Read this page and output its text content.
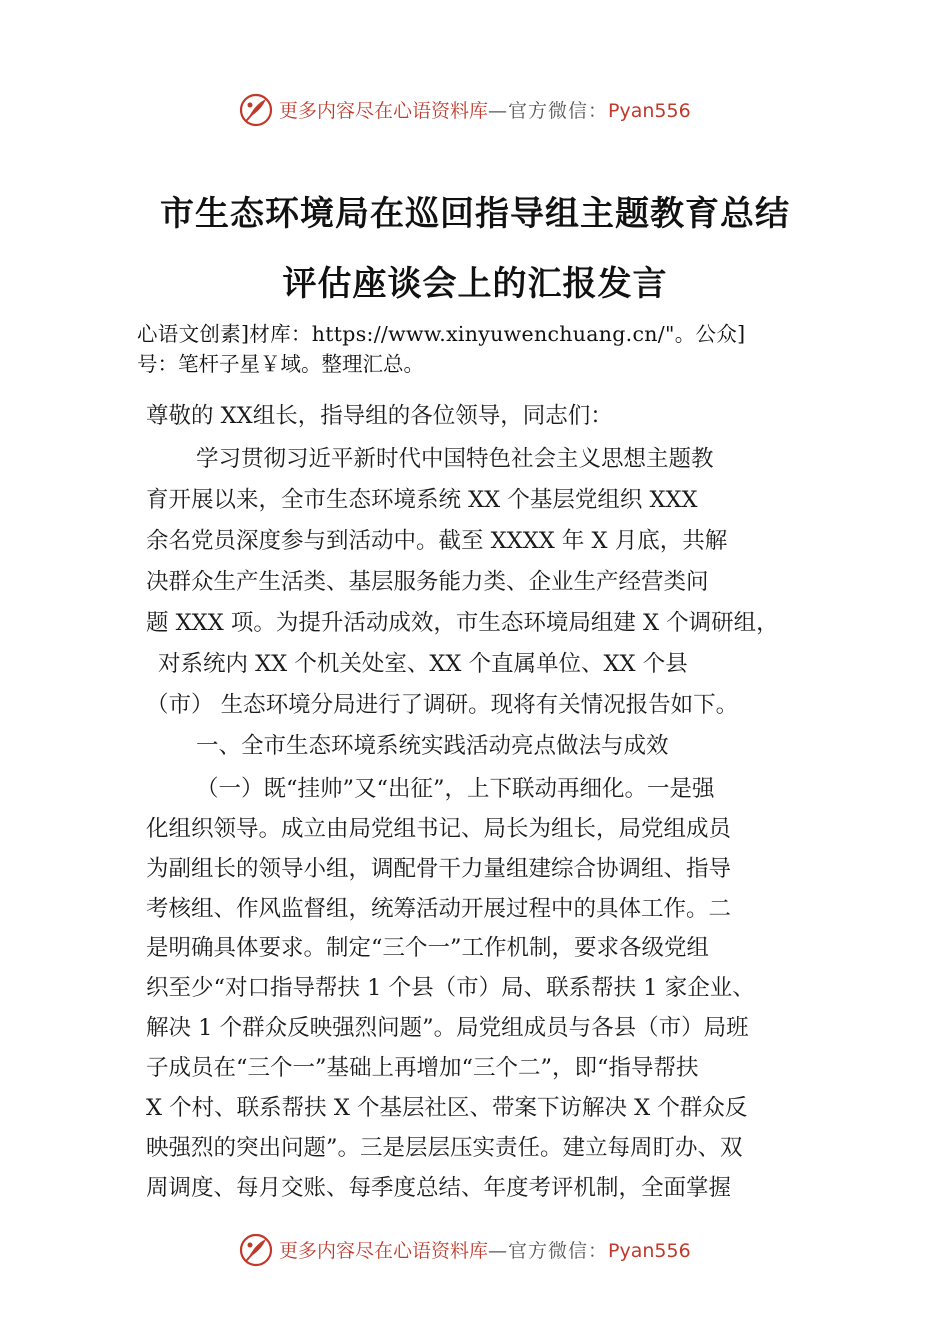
更多内容尽在心语资料库—官方微信：Pyan556
市生态环境局在巡回指导组主题教育总结
评估座谈会上的汇报发言
心语文创素]材库：https://www.xinyuwenchuang.cn/"。公众]
号：笔杆子星￥域。整理汇总。
尊敬的 XX组长，指导组的各位领导，同志们：
学习贯彻习近平新时代中国特色社会主义思想主题教
育开展以来，全市生态环境系统 XX 个基层党组织 XXX
余名党员深度参与到活动中。截至 XXXX 年 X 月底，共解
决群众生产生活类、基层服务能力类、企业生产经营类问
题 XXX 项。为提升活动成效，市生态环境局组建 X 个调研组，
对系统内 XX 个机关处室、XX 个直属单位、XX 个县
（市） 生态环境分局进行了调研。现将有关情况报告如下。
一、全市生态环境系统实践活动亮点做法与成效
（一）既“挂帅”又“出征”，上下联动再细化。一是强
化组织领导。成立由局党组书记、局长为组长，局党组成员
为副组长的领导小组，调配骨干力量组建综合协调组、指导
考核组、作风监督组，统筹活动开展过程中的具体工作。二
是明确具体要求。制定“三个一”工作机制，要求各级党组
织至少“对口指导帮扶 1 个县（市）局、联系帮扶 1 家企业、
解决 1 个群众反映强烈问题”。局党组成员与各县（市）局班
子成员在“三个一”基础上再增加“三个二”，即“指导帮扶
X 个村、联系帮扶 X 个基层社区、带案下访解决 X 个群众反
映强烈的突出问题”。三是层层压实责任。建立每周盯办、双
周调度、每月交账、每季度总结、年度考评机制，全面掌握
更多内容尽在心语资料库—官方微信：Pyan556
